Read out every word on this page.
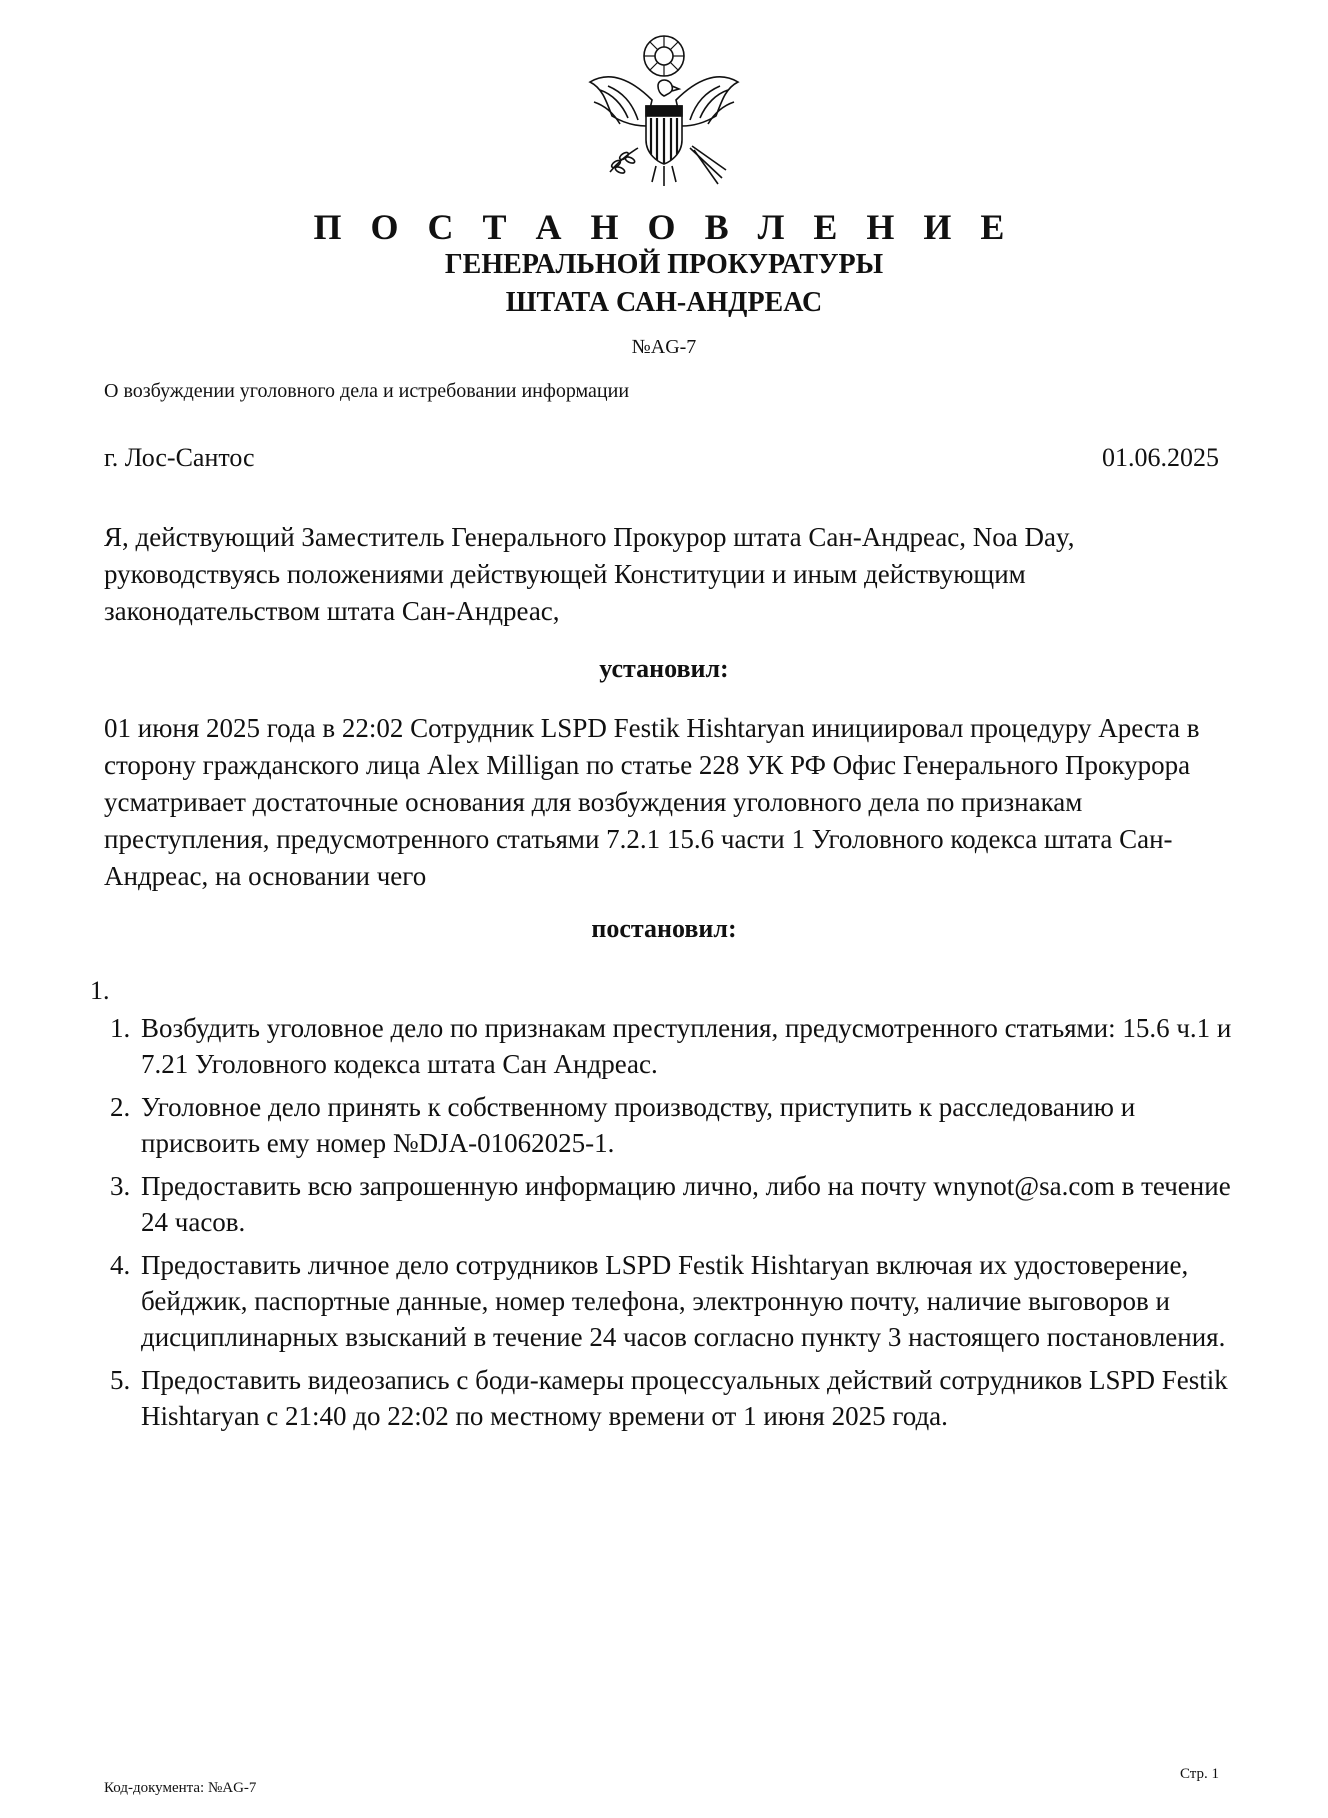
П О С Т А Н О В Л Е Н И Е
ГЕНЕРАЛЬНОЙ ПРОКУРАТУРЫ
ШТАТА САН-АНДРЕАС
№AG-7
О возбуждении уголовного дела и истребовании информации
г. Лос-Сантос	01.06.2025
Я, действующий Заместитель Генерального Прокурор штата Сан-Андреас, Noa Day, руководствуясь положениями действующей Конституции и иным действующим законодательством штата Сан-Андреас,
установил:
01 июня 2025 года в 22:02 Сотрудник LSPD Festik Hishtaryan инициировал процедуру Ареста в сторону гражданского лица Alex Milligan по статье 228 УК РФ Офис Генерального Прокурора усматривает достаточные основания для возбуждения уголовного дела по признакам преступления, предусмотренного статьями 7.2.1 15.6 части 1 Уголовного кодекса штата Сан-Андреас, на основании чего
постановил:
1.
1. Возбудить уголовное дело по признакам преступления, предусмотренного статьями: 15.6 ч.1 и 7.21 Уголовного кодекса штата Сан Андреас.
2. Уголовное дело принять к собственному производству, приступить к расследованию и присвоить ему номер №DJA-01062025-1.
3. Предоставить всю запрошенную информацию лично, либо на почту wnynot@sa.com в течение 24 часов.
4. Предоставить личное дело сотрудников LSPD Festik Hishtaryan включая их удостоверение, бейджик, паспортные данные, номер телефона, электронную почту, наличие выговоров и дисциплинарных взысканий в течение 24 часов согласно пункту 3 настоящего постановления.
5. Предоставить видеозапись с боди-камеры процессуальных действий сотрудников LSPD Festik Hishtaryan с 21:40 до 22:02 по местному времени от 1 июня 2025 года.
Код-документа: №AG-7
Стр. 1
